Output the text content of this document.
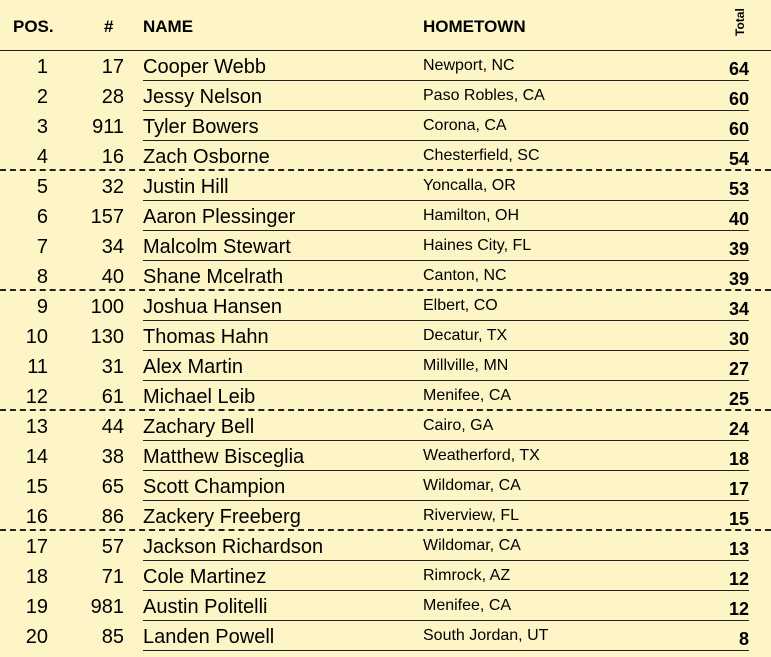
POS.	# NAME	HOMETOWN	Total
1	17 Cooper Webb	Newport, NC	64
2	28 Jessy Nelson	Paso Robles, CA	60
3	911 Tyler Bowers	Corona, CA	60
4	16 Zach Osborne	Chesterfield, SC	54
5	32 Justin Hill	Yoncalla, OR	53
6	157 Aaron Plessinger	Hamilton, OH	40
7	34 Malcolm Stewart	Haines City, FL	39
8	40 Shane Mcelrath	Canton, NC	39
9	100 Joshua Hansen	Elbert, CO	34
10	130 Thomas Hahn	Decatur, TX	30
11	31 Alex Martin	Millville, MN	27
12	61 Michael Leib	Menifee, CA	25
13	44 Zachary Bell	Cairo, GA	24
14	38 Matthew Bisceglia	Weatherford, TX	18
15	65 Scott Champion	Wildomar, CA	17
16	86 Zackery Freeberg	Riverview, FL	15
17	57 Jackson Richardson	Wildomar, CA	13
18	71 Cole Martinez	Rimrock, AZ	12
19	981 Austin Politelli	Menifee, CA	12
20	85 Landen Powell	South Jordan, UT	8
